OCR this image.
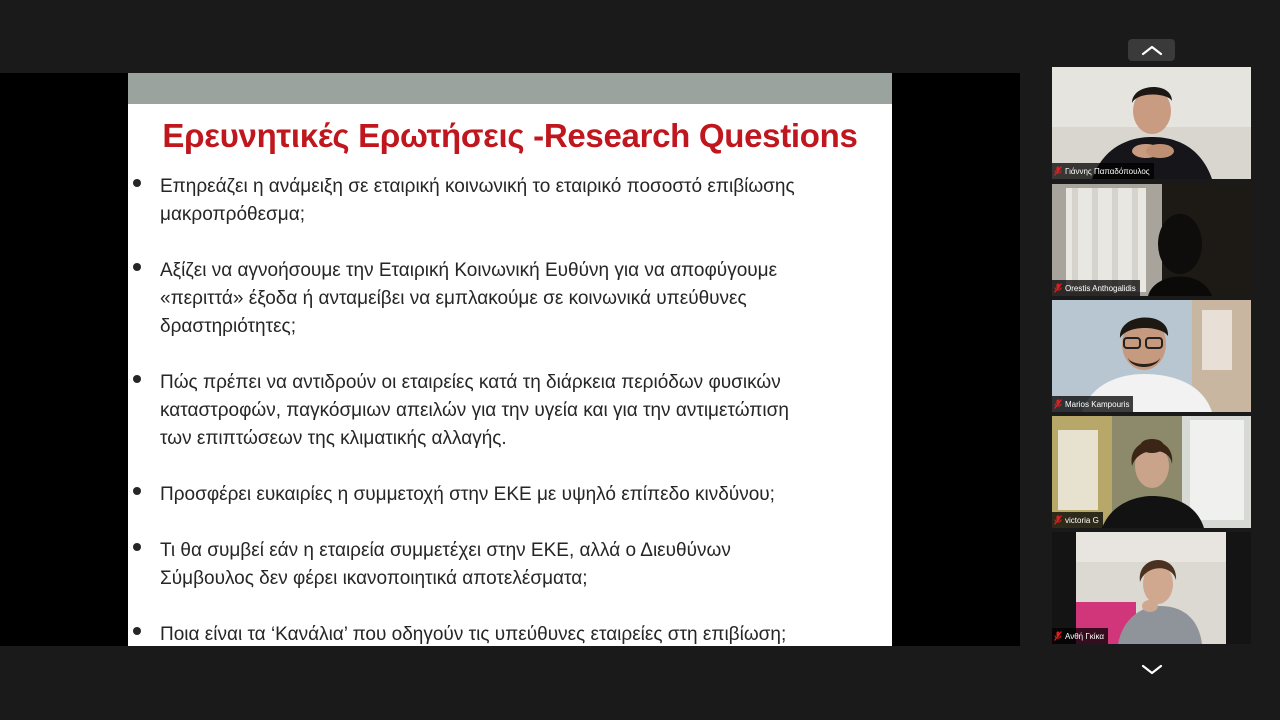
Ερευνητικές Ερωτήσεις -Research Questions
Επηρεάζει η ανάμειξη σε εταιρική κοινωνική το εταιρικό ποσοστό επιβίωσης
μακροπρόθεσμα;
Αξίζει να αγνοήσουμε την Εταιρική Κοινωνική Ευθύνη για να αποφύγουμε
«περιττά» έξοδα ή ανταμείβει να εμπλακούμε σε κοινωνικά υπεύθυνες
δραστηριότητες;
Πώς πρέπει να αντιδρούν οι εταιρείες κατά τη διάρκεια περιόδων φυσικών
καταστροφών, παγκόσμιων απειλών για την υγεία και για την αντιμετώπιση
των επιπτώσεων της κλιματικής αλλαγής.
Προσφέρει ευκαιρίες η συμμετοχή στην ΕΚΕ με υψηλό επίπεδο κινδύνου;
Τι θα συμβεί εάν η εταιρεία συμμετέχει στην ΕΚΕ, αλλά ο Διευθύνων
Σύμβουλος δεν φέρει ικανοποιητικά αποτελέσματα;
Ποια είναι τα ‘Κανάλια’ που οδηγούν τις υπεύθυνες εταιρείες στη επιβίωση;
Γιάννης Παπαδόπουλος
Orestis Anthogalidis
Marios Kampouris
victoria G
Ανθή Γκίκα
